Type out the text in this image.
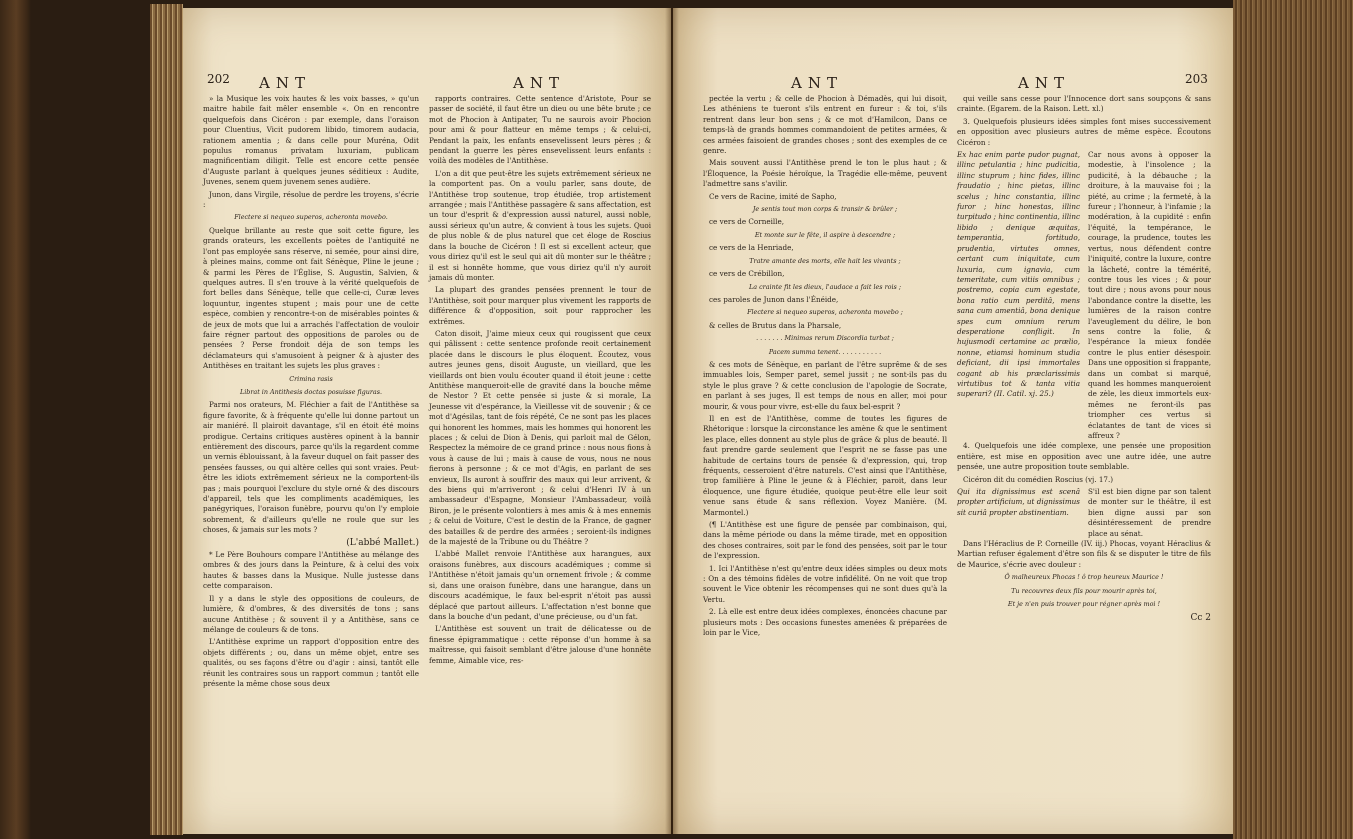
202 ANT	ANT

» la Musique les voix hautes & les voix basses, » qu'un maitre habile fait mêler ensemble «. On en rencontre quelquefois dans Cicéron : par exemple, dans l'oraison pour Cluentius, Vicit pudorem libido, timorem audacia, rationem amentia ; & dans celle pour Muréna, Odit populus romanus privatam luxuriam, publicam magnificentiam diligit. Telle est encore cette pensée d'Auguste parlant à quelques jeunes séditieux : Audite, Juvenes, senem quem juvenem senes audière.

Junon, dans Virgile, résolue de perdre les troyens, s'écrie :

Flectere si nequeo superos, acheronta movebo.

Quelque brillante au reste que soit cette figure, les grands orateurs, les excellents poètes de l'antiquité ne l'ont pas employée sans réserve, ni semée, pour ainsi dire, à pleines mains, comme ont fait Sénèque, Pline le jeune ; & parmi les Pères de l'Église, S. Augustin, Salvien, & quelques autres. Il s'en trouve à la vérité quelquefois de fort belles dans Sénèque, telle que celle-ci, Curæ leves loquuntur, ingentes stupent ; mais pour une de cette espèce, combien y rencontre-t-on de misérables pointes & de jeux de mots que lui a arrachés l'affectation de vouloir faire régner partout des oppositions de paroles ou de pensées ? Perse frondoit déja de son temps les déclamateurs qui s'amusoient à peigner & à ajuster des Antithèses en traitant les sujets les plus graves :

Crimina rasis

Librat in Antithesis doctas posuisse figuras.

Parmi nos orateurs, M. Fléchier a fait de l'Antithèse sa figure favorite, & à fréquente qu'elle lui donne partout un air maniéré. Il plairoit davantage, s'il en étoit été moins prodigue. Certains critiques austères opinent à la bannir entièrement des discours, parce qu'ils la regardent comme un vernis éblouissant, à la faveur duquel on fait passer des pensées fausses, ou qui altère celles qui sont vraies. Peut-être les idiots extrêmement sérieux ne la comportent-ils pas ; mais pourquoi l'exclure du style orné & des discours d'appareil, tels que les compliments académiques, les panégyriques, l'oraison funèbre, pourvu qu'on l'y emploie sobrement, & d'ailleurs qu'elle ne roule que sur les choses, & jamais sur les mots ?

(L'abbé Mallet.)

* Le Père Bouhours compare l'Antithèse au mélange des ombres & des jours dans la Peinture, & à celui des voix hautes & basses dans la Musique. Nulle justesse dans cette comparaison.

Il y a dans le style des oppositions de couleurs, de lumière, & d'ombres, & des diversités de tons ; sans aucune Antithèse ; & souvent il y a Antithèse, sans ce mélange de couleurs & de tons.

L'Antithèse exprime un rapport d'opposition entre des objets différents ; ou, dans un même objet, entre ses qualités, ou ses façons d'être ou d'agir : ainsi, tantôt elle réunit les contraires sous un rapport commun ; tantôt elle présente la même chose sous deux

rapports contraires. Cette sentence d'Aristote, Pour se passer de société, il faut être un dieu ou une bête brute ; ce mot de Phocion à Antipater, Tu ne saurois avoir Phocion pour ami & pour flatteur en même temps ; & celui-ci, Pendant la paix, les enfants ensevelissent leurs pères ; & pendant la guerre les pères ensevelissent leurs enfants : voilà des modèles de l'Antithèse.

L'on a dit que peut-être les sujets extrêmement sérieux ne la comportent pas. On a voulu parler, sans doute, de l'Antithèse trop soutenue, trop étudiée, trop artistement arrangée ; mais l'Antithèse passagère & sans affectation, est un tour d'esprit & d'expression aussi naturel, aussi noble, aussi sérieux qu'un autre, & convient à tous les sujets. Quoi de plus noble & de plus naturel que cet éloge de Roscius dans la bouche de Cicéron ! Il est si excellent acteur, que vous diriez qu'il est le seul qui ait dû monter sur le théâtre ; il est si honnête homme, que vous diriez qu'il n'y auroit jamais dû monter.

La plupart des grandes pensées prennent le tour de l'Antithèse, soit pour marquer plus vivement les rapports de différence & d'opposition, soit pour rapprocher les extrêmes.

Caton disoit, J'aime mieux ceux qui rougissent que ceux qui pâlissent : cette sentence profonde reoit certainement placée dans le discours le plus éloquent. Écoutez, vous autres jeunes gens, disoit Auguste, un vieillard, que les vieillards ont bien voulu écouter quand il étoit jeune : cette Antithèse manqueroit-elle de gravité dans la bouche même de Nestor ? Et cette pensée si juste & si morale, La Jeunesse vit d'espérance, la Vieillesse vit de souvenir ; & ce mot d'Agésilas, tant de fois répété, Ce ne sont pas les places qui honorent les hommes, mais les hommes qui honorent les places ; & celui de Dion à Denis, qui parloit mal de Gélon, Respectez la mémoire de ce grand prince : nous nous fions à vous à cause de lui ; mais à cause de vous, nous ne nous fierons à personne ; & ce mot d'Agis, en parlant de ses envieux, Ils auront à souffrir des maux qui leur arrivent, & des biens qui m'arriveront ; & celui d'Henri IV à un ambassadeur d'Espagne, Monsieur l'Ambassadeur, voilà Biron, je le présente volontiers à mes amis & à mes ennemis ; & celui de Voiture, C'est le destin de la France, de gagner des batailles & de perdre des armées ; seroient-ils indignes de la majesté de la Tribune ou du Théâtre ?

L'abbé Mallet renvoie l'Antithèse aux harangues, aux oraisons funèbres, aux discours académiques ; comme si l'Antithèse n'étoit jamais qu'un ornement frivole ; & comme si, dans une oraison funèbre, dans une harangue, dans un discours académique, le faux bel-esprit n'étoit pas aussi déplacé que partout ailleurs. L'affectation n'est bonne que dans la bouche d'un pedant, d'une précieuse, ou d'un fat.

L'Antithèse est souvent un trait de délicatesse ou de finesse épigrammatique : cette réponse d'un homme à sa maîtresse, qui faisoit semblant d'être jalouse d'une honnête femme, Aimable vice, res-

ANT	ANT	203

pectée la vertu ; & celle de Phocion à Démadès, qui lui disoit, Les athéniens te tueront s'ils entrent en fureur : & toi, s'ils rentrent dans leur bon sens ; & ce mot d'Hamilcon, Dans ce temps-là de grands hommes commandoient de petites armées, & ces armées faisoient de grandes choses ; sont des exemples de ce genre.

Mais souvent aussi l'Antithèse prend le ton le plus haut ; & l'Éloquence, la Poésie héroïque, la Tragédie elle-même, peuvent l'admettre sans s'avilir.

Ce vers de Racine, imité de Sapho,

Je sentis tout mon corps & transir & brûler ;

ce vers de Corneille,

Et monte sur le fête, il aspire à descendre ;

ce vers de la Henriade,

Tratre amante des morts, elle hait les vivants ;

ce vers de Crébillon,

La crainte fit les dieux, l'audace a fait les rois ;

ces paroles de Junon dans l'Énéide,

Flectere si nequeo superos, acheronta movebo ;

& celles de Brutus dans la Pharsale,

. . . . . . . Minimas rerum Discordia turbat ;

Pacem summa tenent. . . . . . . . . . .

& ces mots de Sénèque, en parlant de l'être suprême & de ses immuables lois, Semper paret, semel jussit ; ne sont-ils pas du style le plus grave ? & cette conclusion de l'apologie de Socrate, en parlant à ses juges, Il est temps de nous en aller, moi pour mourir, & vous pour vivre, est-elle du faux bel-esprit ?

Il en est de l'Antithèse, comme de toutes les figures de Rhétorique : lorsque la circonstance les amène & que le sentiment les place, elles donnent au style plus de grâce & plus de beauté. Il faut prendre garde seulement que l'esprit ne se fasse pas une habitude de certains tours de pensée & d'expression, qui, trop fréquents, cesseroient d'être naturels. C'est ainsi que l'Antithèse, trop familière à Pline le jeune & à Fléchier, paroit, dans leur éloquence, une figure étudiée, quoique peut-être elle leur soit venue sans étude & sans réflexion. Voyez Manière. (M. Marmontel.)

(¶ L'Antithèse est une figure de pensée par combinaison, qui, dans la même période ou dans la même tirade, met en opposition des choses contraires, soit par le fond des pensées, soit par le tour de l'expression.

1. Ici l'Antithèse n'est qu'entre deux idées simples ou deux mots : On a des témoins fidèles de votre infidélité. On ne voit que trop souvent le Vice obtenir les récompenses qui ne sont dues qu'à la Vertu.

2. Là elle est entre deux idées complexes, énoncées chacune par plusieurs mots : Des occasions funestes amenées & préparées de loin par le Vice,

qui veille sans cesse pour l'Innocence dort sans soupçons & sans crainte. (Egarem. de la Raison. Lett. xl.)

3. Quelquefois plusieurs idées simples font mises successivement en opposition avec plusieurs autres de même espèce. Écoutons Cicéron :

Ex hac enim parte pudor pugnat, illinc petulantia ; hinc pudicitia, illinc stuprum ; hinc fides, illinc fraudatio ; hinc pietas, illinc scelus ; hinc constantia, illinc furor ; hinc honestas, illinc turpitudo ; hinc continentia, illinc libido ; denique æquitas, temperantia, fortitudo, prudentia, virtutes omnes, certant cum iniquitate, cum luxuria, cum ignavia, cum temeritate, cum vitiis omnibus ; postremo, copia cum egestate, bona ratio cum perditâ, mens sana cum amentiâ, bona denique spes cum omnium rerum desperatione confligit. In hujusmodi certamine ac prælio, nonne, etiamsi hominum studia deficiant, dii ipsi immortales cogant ab his præclarissimis virtutibus tot & tanta vitia superari? (II. Catil. xj. 25.)
Car nous avons à opposer la modestie, à l'insolence ; la pudicité, à la débauche ; la droiture, à la mauvaise foi ; la piété, au crime ; la fermeté, à la fureur ; l'honneur, à l'infamie ; la modération, à la cupidité : enfin l'équité, la tempérance, le courage, la prudence, toutes les vertus, nous défendent contre l'iniquité, contre la luxure, contre la lâcheté, contre la témérité, contre tous les vices ; & pour tout dire ; nous avons pour nous l'abondance contre la disette, les lumières de la raison contre l'aveuglement du délire, le bon sens contre la folie, & l'espérance la mieux fondée contre le plus entier désespoir. Dans une opposition si frappante, dans un combat si marqué, quand les hommes manqueroient de zèle, les dieux immortels eux-mêmes ne feront-ils pas triompher ces vertus si éclatantes de tant de vices si affreux ?

4. Quelquefois une idée complexe, une pensée une proposition entière, est mise en opposition avec une autre idée, une autre pensée, une autre proposition toute semblable.

Cicéron dit du comédien Roscius (vj. 17.)

Qui ita dignissimus est scenâ propter artificium, ut dignissimus sit curiâ propter abstinentiam.
S'il est bien digne par son talent de monter sur le théâtre, il est bien digne aussi par son désintéressement de prendre place au sénat.

Dans l'Héraclius de P. Corneille (IV. iij.) Phocas, voyant Héraclius & Martian refuser également d'être son fils & se disputer le titre de fils de Maurice, s'écrie avec douleur :

Ô malheureux Phocas ! ô trop heureux Maurice !

Tu recouvres deux fils pour mourir après toi,

Et je n'en puis trouver pour régner après moi !

Cc 2
